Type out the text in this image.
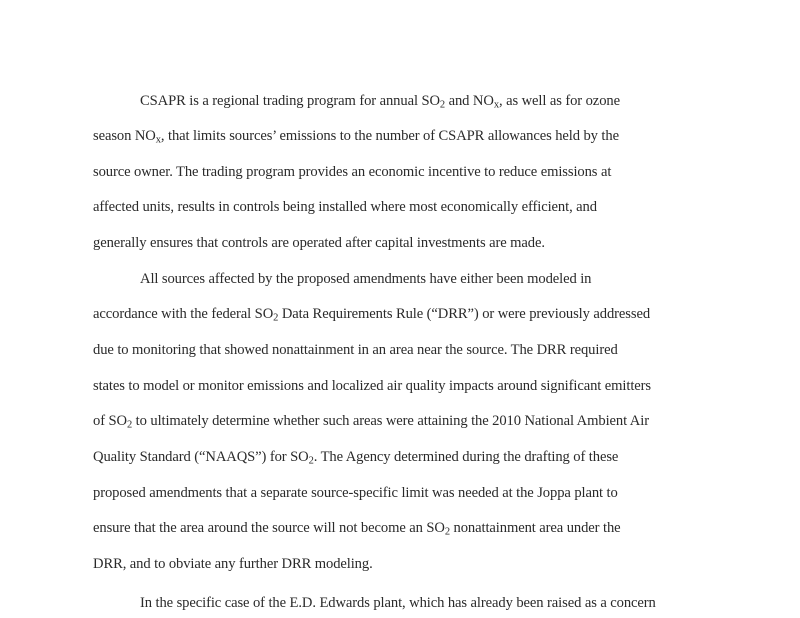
CSAPR is a regional trading program for annual $SO_2$ and $NO_x$, as well as for ozone
season $NO_x$, that limits sources’ emissions to the number of CSAPR allowances held by the
source owner. The trading program provides an economic incentive to reduce emissions at
affected units, results in controls being installed where most economically efficient, and
generally ensures that controls are operated after capital investments are made.
All sources affected by the proposed amendments have either been modeled in
accordance with the federal $SO_2$ Data Requirements Rule (“DRR”) or were previously addressed
due to monitoring that showed nonattainment in an area near the source. The DRR required
states to model or monitor emissions and localized air quality impacts around significant emitters
of $SO_2$ to ultimately determine whether such areas were attaining the 2010 National Ambient Air
Quality Standard (“NAAQS”) for $SO_2$. The Agency determined during the drafting of these
proposed amendments that a separate source-specific limit was needed at the Joppa plant to
ensure that the area around the source will not become an $SO_2$ nonattainment area under the
DRR, and to obviate any further DRR modeling.
In the specific case of the E.D. Edwards plant, which has already been raised as a concern
